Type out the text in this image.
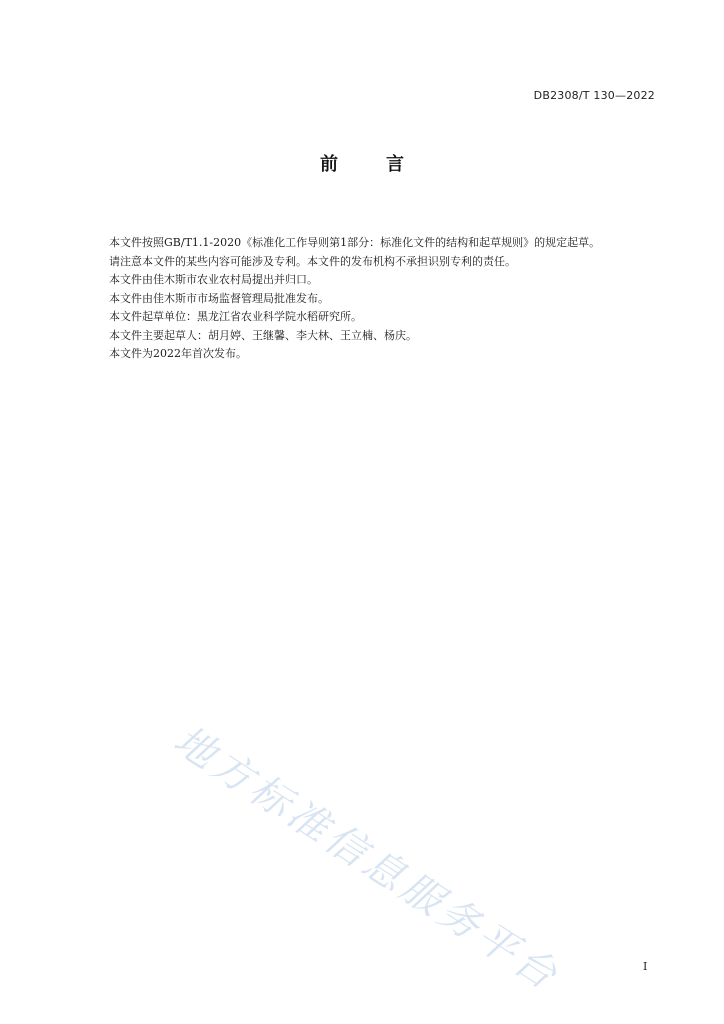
DB2308/T 130—2022
前言

本文件按照GB/T1.1-2020《标准化工作导则第1部分：标准化文件的结构和起草规则》的规定起草。

请注意本文件的某些内容可能涉及专利。本文件的发布机构不承担识别专利的责任。

本文件由佳木斯市农业农村局提出并归口。

本文件由佳木斯市市场监督管理局批准发布。

本文件起草单位：黑龙江省农业科学院水稻研究所。

本文件主要起草人：胡月婷、王继馨、李大林、王立楠、杨庆。

本文件为2022年首次发布。

地方标准信息服务平台	I
